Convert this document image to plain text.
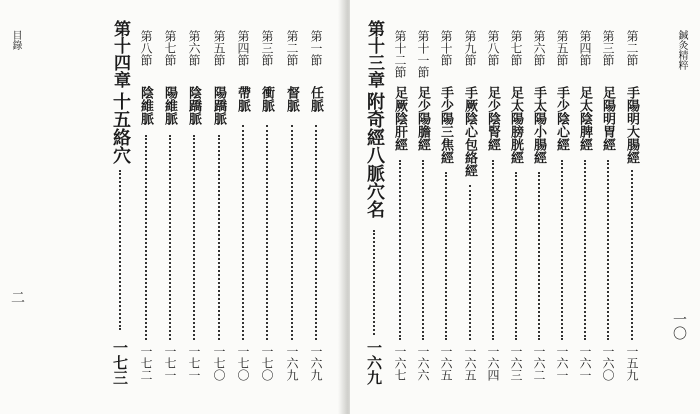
目錄
二
第十四章
十五絡穴
一七三
第一節
任脈
一六九
第二節
督脈
一六九
第三節
衝脈
一七〇
第四節
帶脈
一七〇
第五節
陽蹻脈
一七〇
第六節
陰蹻脈
一七一
第七節
陽維脈
一七一
第八節
陰維脈
一七二
鍼灸精粹
一〇
第二節
手陽明大腸經
一五九
第三節
足陽明胃經
一六〇
第四節
足太陰脾經
一六一
第五節
手少陰心經
一六一
第六節
手太陽小腸經
一六二
第七節
足太陽膀胱經
一六三
第八節
足少陰腎經
一六四
第九節
手厥陰心包絡經
一六五
第十節
手少陽三焦經
一六五
第十一節
足少陽膽經
一六六
第十二節
足厥陰肝經
一六七
第十三章
附奇經八脈穴名
一六九
